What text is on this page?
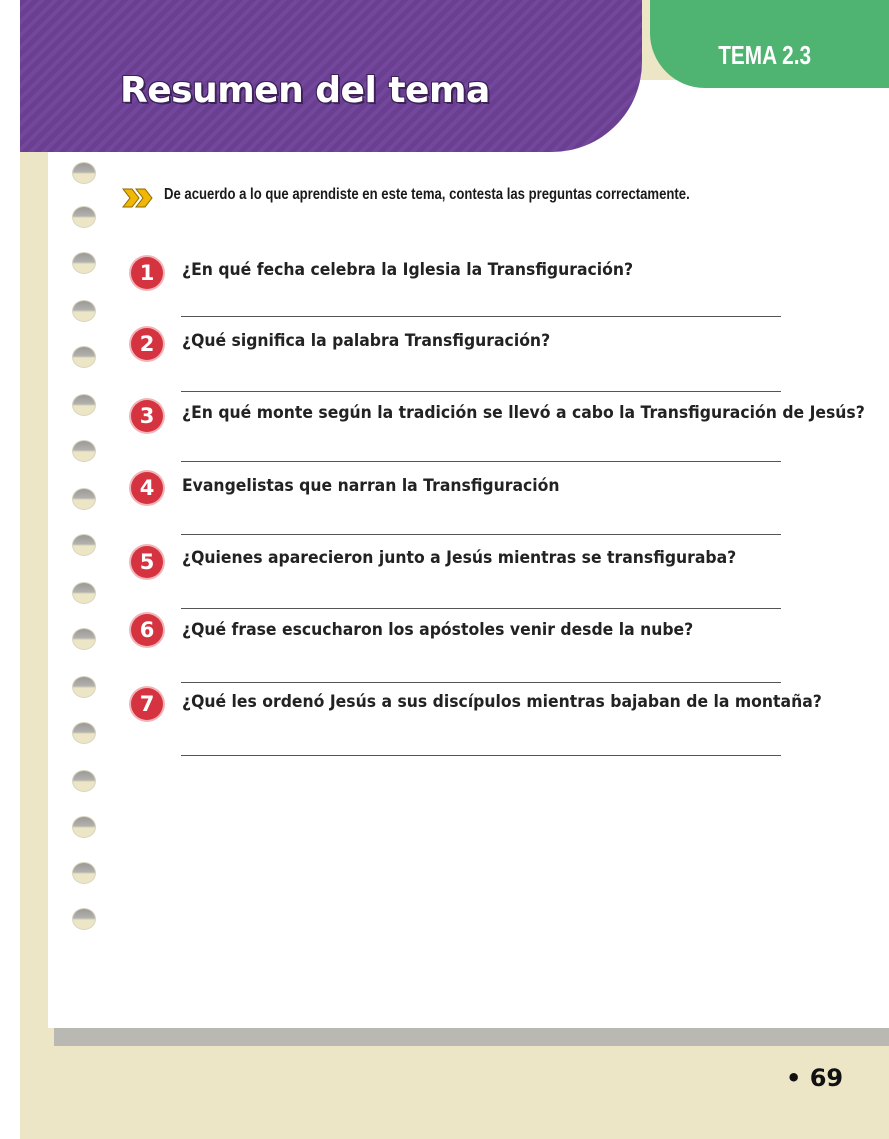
Resumen del tema
TEMA 2.3
De acuerdo a lo que aprendiste en este tema, contesta las preguntas correctamente.
1	¿En qué fecha celebra la Iglesia la Transfiguración?
2	¿Qué significa la palabra Transfiguración?
3	¿En qué monte según la tradición se llevó a cabo la Transfiguración de Jesús?
4	Evangelistas que narran la Transfiguración
5	¿Quienes aparecieron junto a Jesús mientras se transfiguraba?
6	¿Qué frase escucharon los apóstoles venir desde la nube?
7	¿Qué les ordenó Jesús a sus discípulos mientras bajaban de la montaña?
• 69
